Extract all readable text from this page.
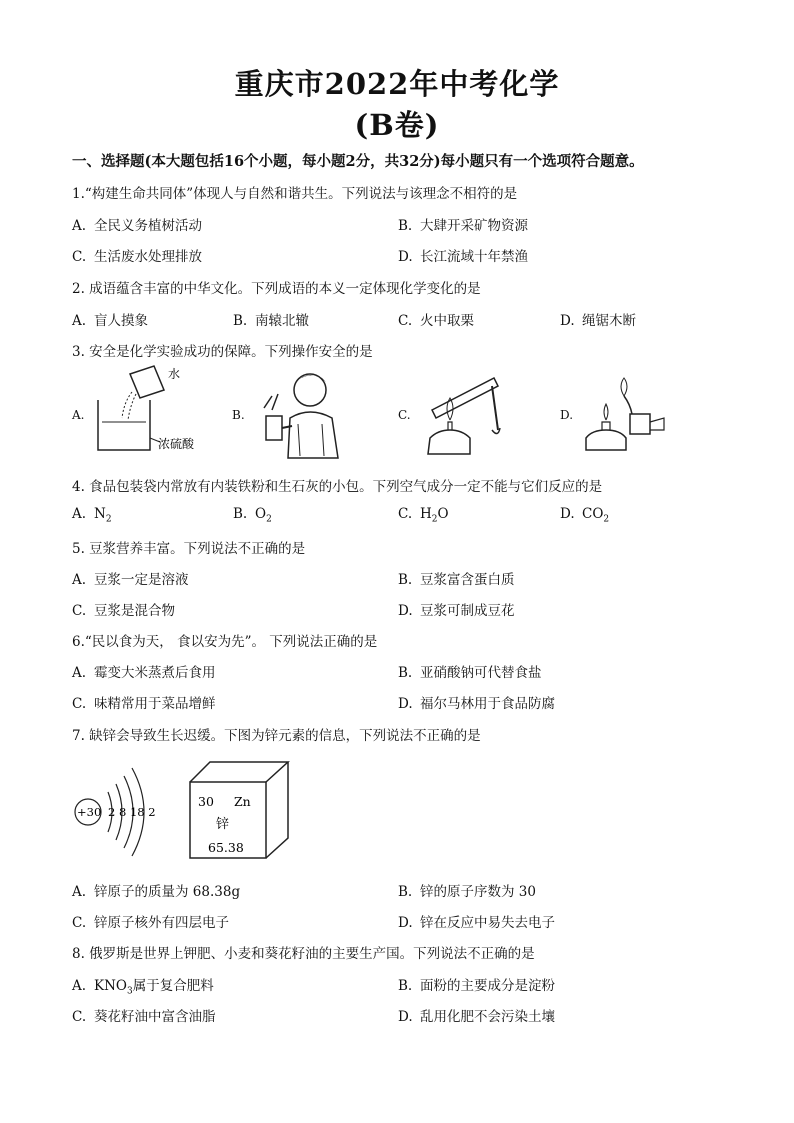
重庆市2022年中考化学
(B卷)
一、选择题(本大题包括16个小题，每小题2分，共32分)每小题只有一个选项符合题意。
1.“构建生命共同体”体现人与自然和谐共生。下列说法与该理念不相符的是
A. 全民义务植树活动	B. 大肆开采矿物资源
C. 生活废水处理排放	D. 长江流域十年禁渔
2. 成语蕴含丰富的中华文化。下列成语的本义一定体现化学变化的是
A. 盲人摸象	B. 南辕北辙	C. 火中取栗	D. 绳锯木断
3. 安全是化学实验成功的保障。下列操作安全的是
A.
水
浓硫酸
B.	C.	D.
4. 食品包装袋内常放有内装铁粉和生石灰的小包。下列空气成分一定不能与它们反应的是
A. $N_2$	B. $O_2$	C. $H_2O$	D. $CO_2$
5. 豆浆营养丰富。下列说法不正确的是
A. 豆浆一定是溶液	B. 豆浆富含蛋白质
C. 豆浆是混合物	D. 豆浆可制成豆花
6.“民以食为天， 食以安为先”。 下列说法正确的是
A. 霉变大米蒸煮后食用	B. 亚硝酸钠可代替食盐
C. 味精常用于菜品增鲜	D. 福尔马林用于食品防腐
7. 缺锌会导致生长迟缓。下图为锌元素的信息，下列说法不正确的是
+30 2 8 18 2
30 Zn
锌
65.38
A. 锌原子的质量为 68.38g	B. 锌的原子序数为 30
C. 锌原子核外有四层电子	D. 锌在反应中易失去电子
8. 俄罗斯是世界上钾肥、小麦和葵花籽油的主要生产国。下列说法不正确的是
A. $KNO_3$属于复合肥料	B. 面粉的主要成分是淀粉
C. 葵花籽油中富含油脂	D. 乱用化肥不会污染土壤
